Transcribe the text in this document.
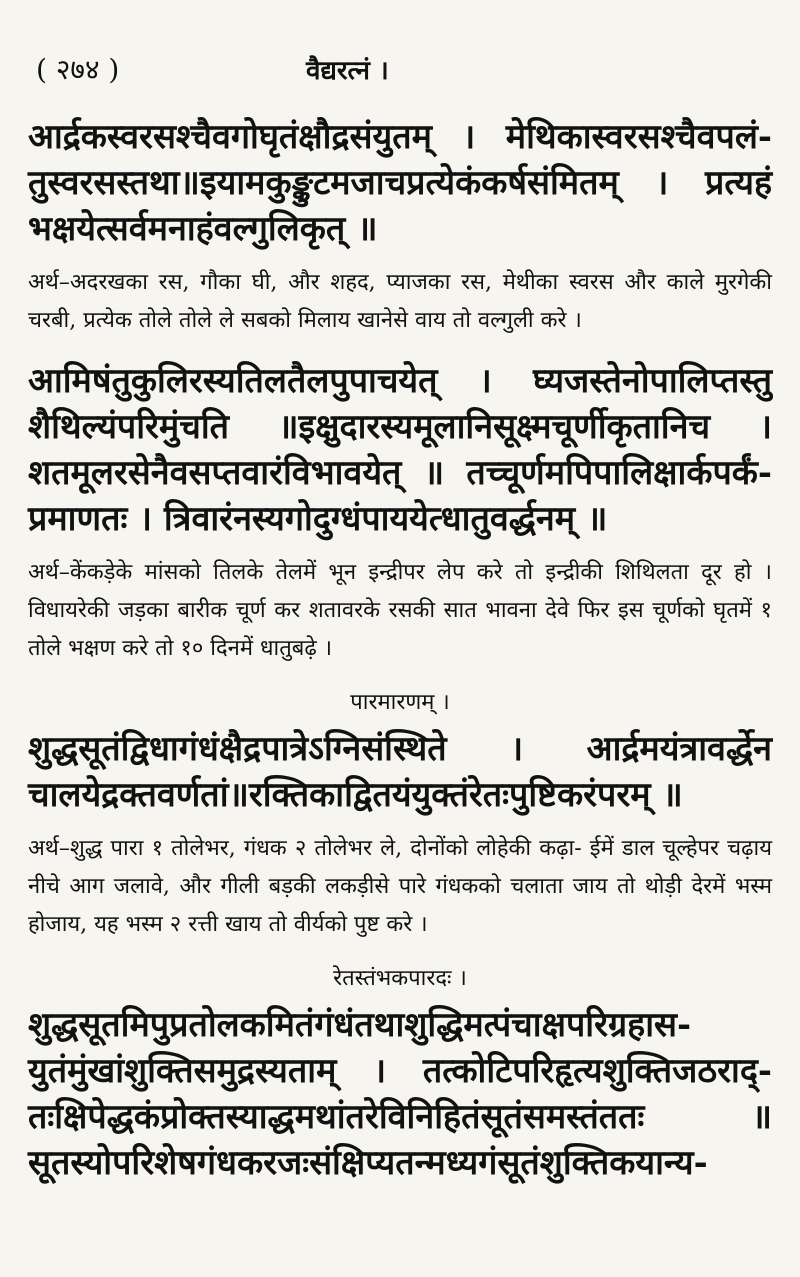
( २७४ )	वैद्यरत्नं ।

आर्द्रकस्वरसश्चैवगोघृतंक्षौद्रसंयुतम् । मेथिकास्वरसश्चैवपलं-तुस्वरसस्तथा॥इयामकुङ्कुटमजाचप्रत्येकंकर्षसंमितम् । प्रत्यहं भक्षयेत्सर्वमनाहंवल्गुलिकृत् ॥

अर्थ–अदरखका रस, गौका घी, और शहद, प्याजका रस, मेथीका स्वरस और काले मुरगेकी चरबी, प्रत्येक तोले तोले ले सबको मिलाय खानेसे वाय तो वल्गुली करे ।

आमिषंतुकुलिरस्यतिलतैलपुपाचयेत् । घ्यजस्तेनोपालिप्तस्तु शैथिल्यंपरिमुंचति ॥इक्षुदारस्यमूलानिसूक्ष्मचूर्णीकृतानिच । शतमूलरसेनैवसप्तवारंविभावयेत् ॥ तच्चूर्णमपिपालिक्षार्कपर्कं- प्रमाणतः । त्रिवारंनस्यगोदुग्धंपाययेत्धातुवर्द्धनम् ॥

अर्थ–केंकड़ेके मांसको तिलके तेलमें भून इन्द्रीपर लेप करे तो इन्द्रीकी शिथिलता दूर हो । विधायरेकी जड़का बारीक चूर्ण कर शतावरके रसकी सात भावना देवे फिर इस चूर्णको घृतमें १ तोले भक्षण करे तो १० दिनमें धातुबढ़े ।

पारमारणम् ।

शुद्धसूतंद्विधागंधंक्षैद्रपात्रेऽग्निसंस्थिते । आर्द्रमयंत्रावर्द्धेन चालयेद्रक्तवर्णतां॥रक्तिकाद्वितयंयुक्तंरेतःपुष्टिकरंपरम् ॥

अर्थ–शुद्ध पारा १ तोलेभर, गंधक २ तोलेभर ले, दोनोंको लोहेकी कढ़ा- ईमें डाल चूल्हेपर चढ़ाय नीचे आग जलावे, और गीली बड़की लकड़ीसे पारे गंधकको चलाता जाय तो थोड़ी देरमें भस्म होजाय, यह भस्म २ रत्ती खाय तो वीर्यको पुष्ट करे ।

रेतस्तंभकपारदः ।

शुद्धसूतमिपुप्रताेलकमितंगंधंतथाशुद्धिमत्पंचाक्षपरिग्रहास- युतंमुंखांशुक्तिसमुद्रस्यताम् । तत्कोटिपरिहृत्यशुक्तिजठराद्- तःक्षिपेद्धकंप्रोक्तस्याद्धमथांतरेविनिहितंसूतंसमस्तंततः ॥ सूतस्योपरिशेषगंधकरजःसंक्षिप्यतन्मध्यगंसूतंशुक्तिकयान्य-
